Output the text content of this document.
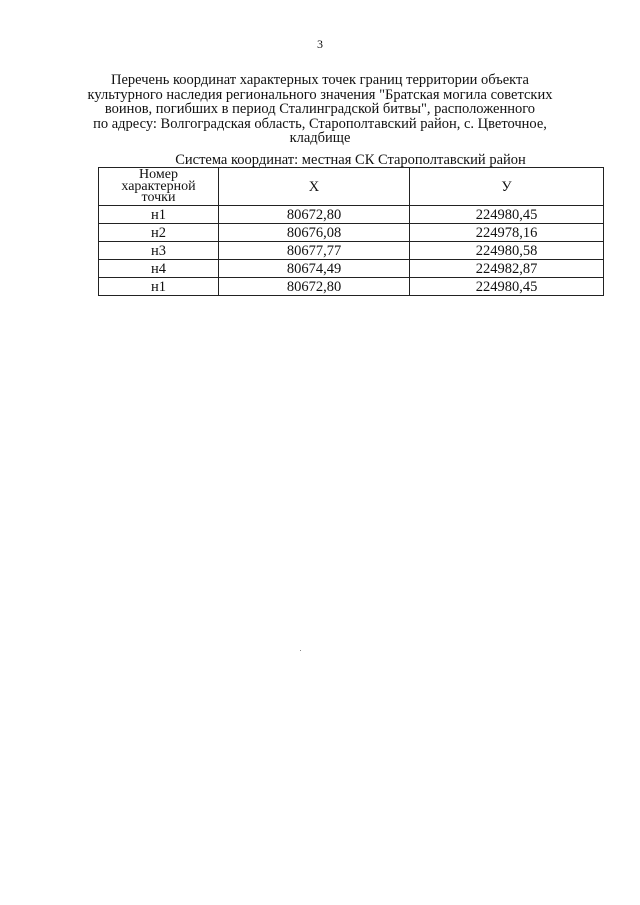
3
Перечень координат характерных точек границ территории объекта
культурного наследия регионального значения "Братская могила советских
воинов, погибших в период Сталинградской битвы", расположенного
по адресу: Волгоградская область, Старополтавский район, с. Цветочное,
кладбище
Система координат: местная СК Старополтавский район
Номер
характерной
точки	Х	У
н1	80672,80	224980,45
н2	80676,08	224978,16
н3	80677,77	224980,58
н4	80674,49	224982,87
н1	80672,80	224980,45
